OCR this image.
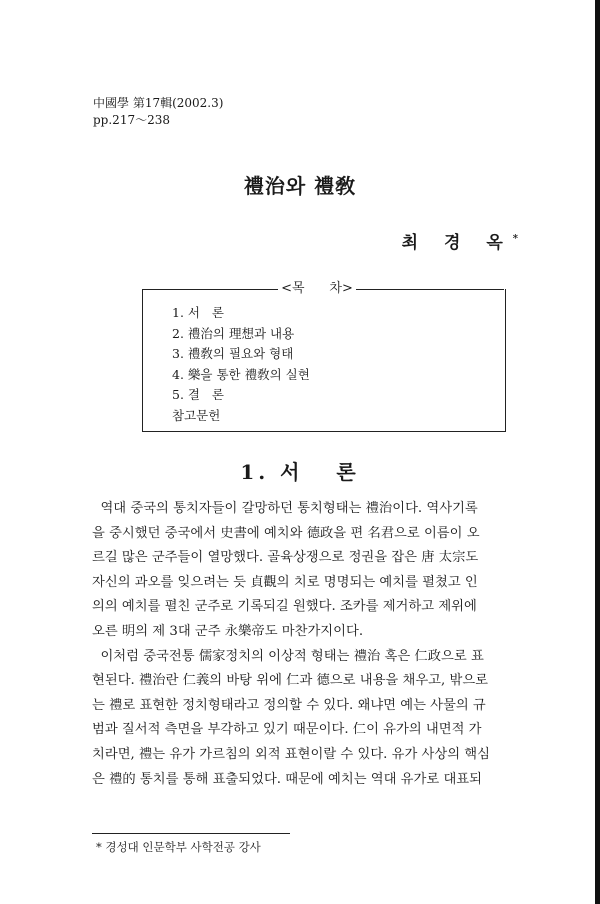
中國學 第17輯(2002.3)
pp.217～238
禮治와 禮敎
최 경 옥*
<목      차>
1. 서   론
2. 禮治의 理想과 내용
3. 禮敎의 필요와 형태
4. 樂을 통한 禮敎의 실현
5. 결   론
참고문헌
1. 서   론
역대 중국의 통치자들이 갈망하던 통치형태는 禮治이다. 역사기록
을 중시했던 중국에서 史書에 예치와 德政을 편 名君으로 이름이 오
르길 많은 군주들이 열망했다. 골육상쟁으로 정권을 잡은 唐 太宗도
자신의 과오를 잊으려는 듯 貞觀의 치로 명명되는 예치를 펼쳤고 인
의의 예치를 펼친 군주로 기록되길 원했다. 조카를 제거하고 제위에
오른 明의 제 3대 군주 永樂帝도 마찬가지이다.
이처럼 중국전통 儒家정치의 이상적 형태는 禮治 혹은 仁政으로 표
현된다. 禮治란 仁義의 바탕 위에 仁과 德으로 내용을 채우고, 밖으로
는 禮로 표현한 정치형태라고 정의할 수 있다. 왜냐면 예는 사물의 규
범과 질서적 측면을 부각하고 있기 때문이다. 仁이 유가의 내면적 가
치라면, 禮는 유가 가르침의 외적 표현이랄 수 있다. 유가 사상의 핵심
은 禮的 통치를 통해 표출되었다. 때문에 예치는 역대 유가로 대표되
* 경성대 인문학부 사학전공 강사
